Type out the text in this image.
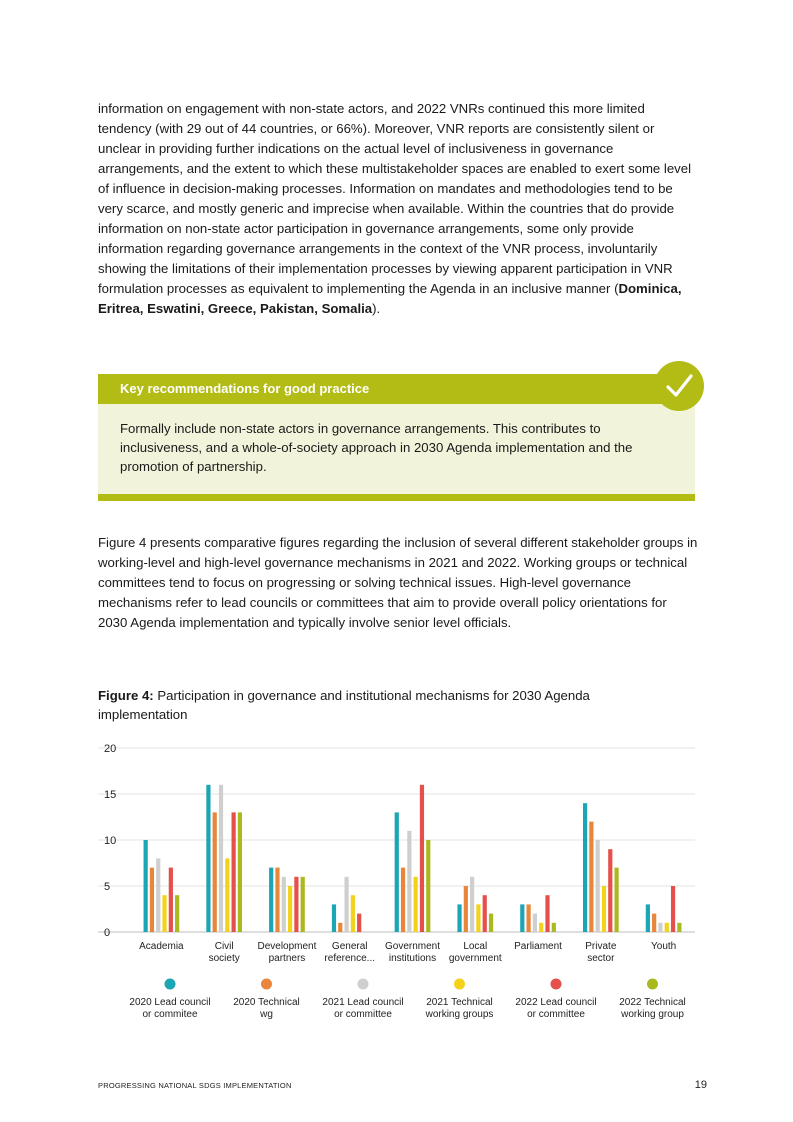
information on engagement with non-state actors, and 2022 VNRs continued this more limited tendency (with 29 out of 44 countries, or 66%). Moreover, VNR reports are consistently silent or unclear in providing further indications on the actual level of inclusiveness in governance arrangements, and the extent to which these multistakeholder spaces are enabled to exert some level of influence in decision-making processes. Information on mandates and methodologies tend to be very scarce, and mostly generic and imprecise when available. Within the countries that do provide information on non-state actor participation in governance arrangements, some only provide information regarding governance arrangements in the context of the VNR process, involuntarily showing the limitations of their implementation processes by viewing apparent participation in VNR formulation processes as equivalent to implementing the Agenda in an inclusive manner (Dominica, Eritrea, Eswatini, Greece, Pakistan, Somalia).

Key recommendations for good practice
Formally include non-state actors in governance arrangements. This contributes to inclusiveness, and a whole-of-society approach in 2030 Agenda implementation and the promotion of partnership.

Figure 4 presents comparative figures regarding the inclusion of several different stakeholder groups in working-level and high-level governance mechanisms in 2021 and 2022. Working groups or technical committees tend to focus on progressing or solving technical issues. High-level governance mechanisms refer to lead councils or committees that aim to provide overall policy orientations for 2030 Agenda implementation and typically involve senior level officials.

Figure 4: Participation in governance and institutional mechanisms for 2030 Agenda implementation
0
5
10
15
20
Academia	Civil
society
Development
partners
General
reference...
Government
institutions
Local
government
Parliament Private
sector
Youth
2020 Lead council
or commitee
2020 Technical
wg
2021 Lead council
or committee
2021 Technical
working groups
2022 Lead council
or committee
2022 Technical
working group
PROGRESSING NATIONAL SDGS IMPLEMENTATION	19
